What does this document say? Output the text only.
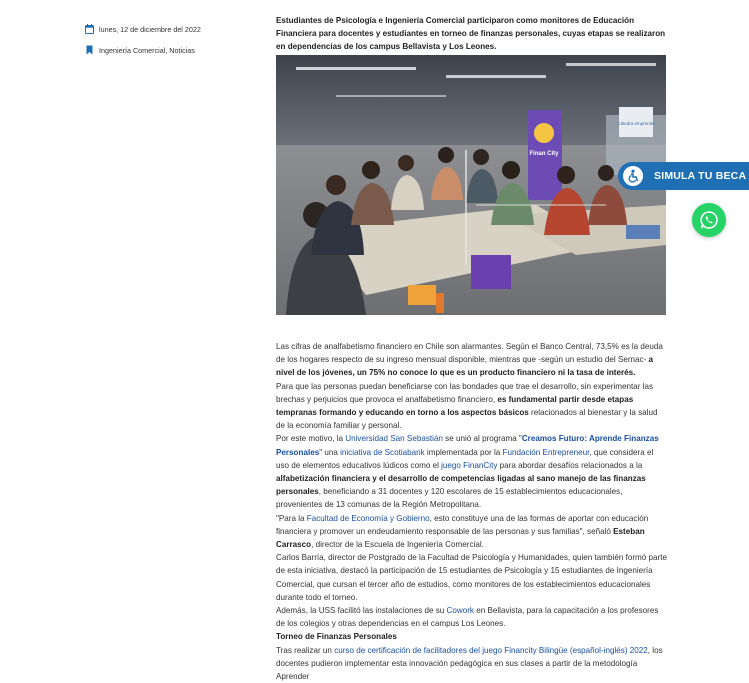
lunes, 12 de diciembre del 2022
Ingeniería Comercial, Noticias

Estudiantes de Psicología e Ingeniería Comercial participaron como monitores de Educación Financiera para docentes y estudiantes en torneo de finanzas personales, cuyas etapas se realizaron en dependencias de los campus Bellavista y Los Leones.

Finan City
Cátedra emprende

Las cifras de analfabetismo financiero en Chile son alarmantes. Según el Banco Central, 73,5% es la deuda de los hogares respecto de su ingreso mensual disponible, mientras que -según un estudio del Sernac- a nivel de los jóvenes, un 75% no conoce lo que es un producto financiero ni la tasa de interés.

Para que las personas puedan beneficiarse con las bondades que trae el desarrollo, sin experimentar las brechas y perjuicios que provoca el analfabetismo financiero, es fundamental partir desde etapas tempranas formando y educando en torno a los aspectos básicos relacionados al bienestar y la salud de la economía familiar y personal.

Por este motivo, la Universidad San Sebastián se unió al programa "Creamos Futuro: Aprende Finanzas Personales" una iniciativa de Scotiabank implementada por la Fundación Entrepreneur, que considera el uso de elementos educativos lúdicos como el juego FinanCity para abordar desafíos relacionados a la alfabetización financiera y el desarrollo de competencias ligadas al sano manejo de las finanzas personales, beneficiando a 31 docentes y 120 escolares de 15 establecimientos educacionales, provenientes de 13 comunas de la Región Metropolitana.

"Para la Facultad de Economía y Gobierno, esto constituye una de las formas de aportar con educación financiera y promover un endeudamiento responsable de las personas y sus familias", señaló Esteban Carrasco, director de la Escuela de Ingeniería Comercial.

Carlos Barría, director de Postgrado de la Facultad de Psicología y Humanidades, quien también formó parte de esta iniciativa, destacó la participación de 15 estudiantes de Psicología y 15 estudiantes de Ingeniería Comercial, que cursan el tercer año de estudios, como monitores de los establecimientos educacionales durante todo el torneo.

Además, la USS facilitó las instalaciones de su Cowork en Bellavista, para la capacitación a los profesores de los colegios y otras dependencias en el campus Los Leones.

Torneo de Finanzas Personales

Tras realizar un curso de certificación de facilitadores del juego Financity Bilingüe (español-inglés) 2022, los docentes pudieron implementar esta innovación pedagógica en sus clases a partir de la metodología Aprender

SIMULA TU BECA
